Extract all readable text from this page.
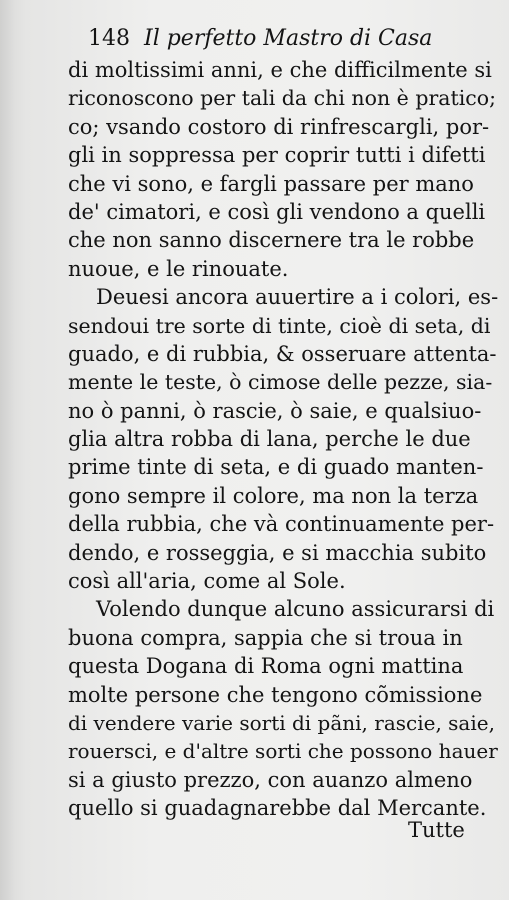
148 Il perfetto Mastro di Casa
di moltissimi anni, e che difficilmente si
riconoscono per tali da chi non è pratico;
co; vsando costoro di rinfrescargli, por-
gli in soppressa per coprir tutti i difetti
che vi sono, e fargli passare per mano
de' cimatori, e così gli vendono a quelli
che non sanno discernere tra le robbe
nuoue, e le rinouate.
Deuesi ancora auuertire a i colori, es-
sendoui tre sorte di tinte, cioè di seta, di
guado, e di rubbia, & osseruare attenta-
mente le teste, ò cimose delle pezze, sia-
no ò panni, ò rascie, ò saie, e qualsiuo-
glia altra robba di lana, perche le due
prime tinte di seta, e di guado manten-
gono sempre il colore, ma non la terza
della rubbia, che và continuamente per-
dendo, e rosseggia, e si macchia subito
così all'aria, come al Sole.
Volendo dunque alcuno assicurarsi di
buona compra, sappia che si troua in
questa Dogana di Roma ogni mattina
molte persone che tengono cõmissione
di vendere varie sorti di pãni, rascie, saie,
rouersci, e d'altre sorti che possono hauer
si a giusto prezzo, con auanzo almeno
quello si guadagnarebbe dal Mercante.
Tutte
